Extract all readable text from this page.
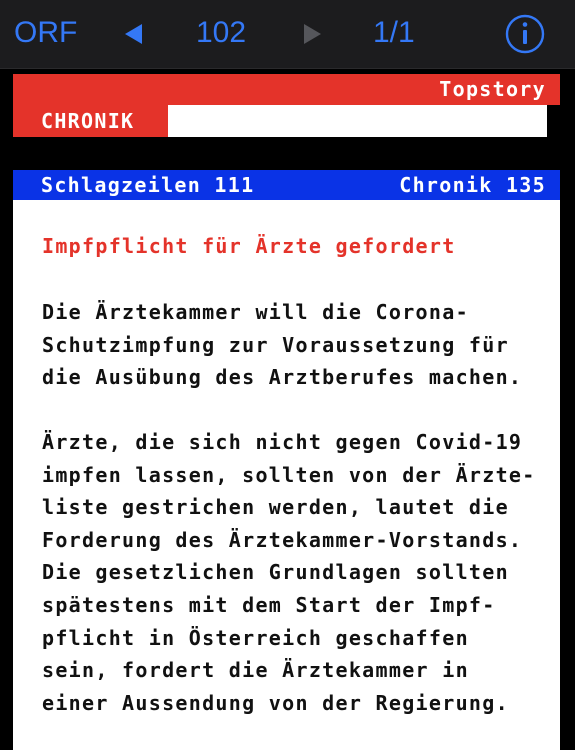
ORF	102	1/1
Topstory
CHRONIK
Schlagzeilen 111	Chronik 135
Impfpflicht für Ärzte gefordert

Die Ärztekammer will die Corona-
Schutzimpfung zur Voraussetzung für
die Ausübung des Arztberufes machen.

Ärzte, die sich nicht gegen Covid-19
impfen lassen, sollten von der Ärzte-
liste gestrichen werden, lautet die
Forderung des Ärztekammer-Vorstands.
Die gesetzlichen Grundlagen sollten
spätestens mit dem Start der Impf-
pflicht in Österreich geschaffen
sein, fordert die Ärztekammer in
einer Aussendung von der Regierung.
